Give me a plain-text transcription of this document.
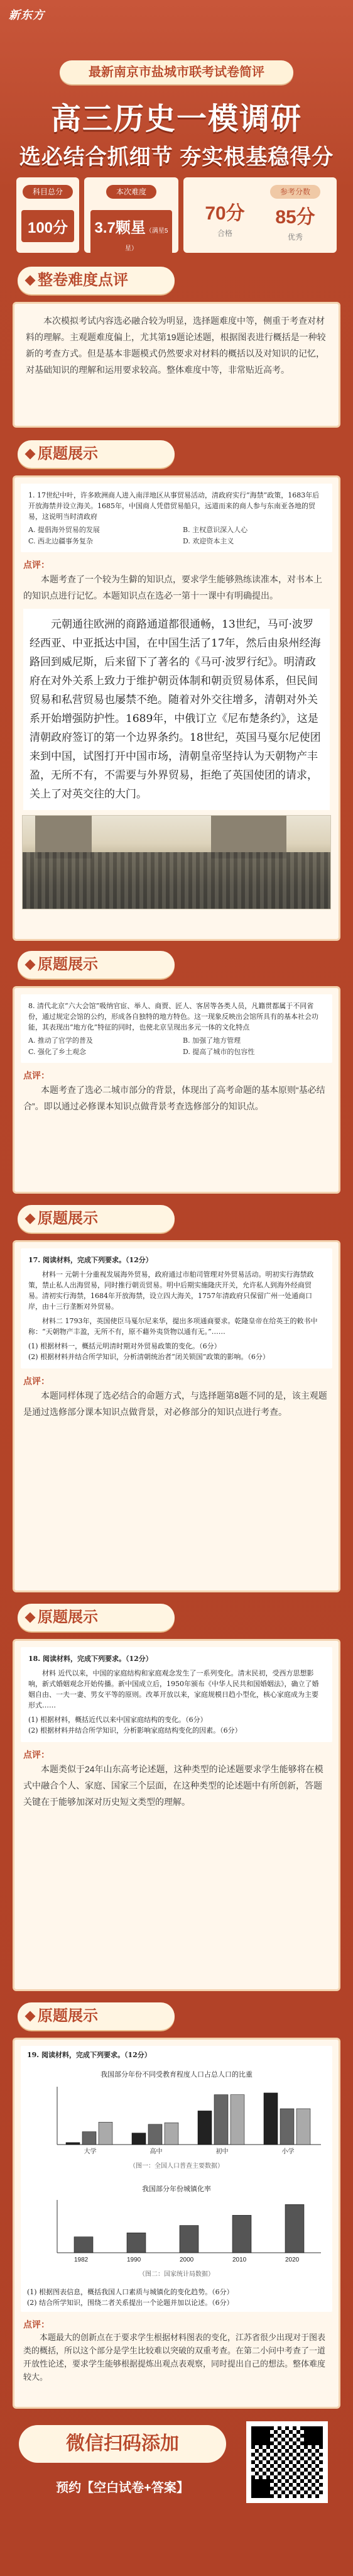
新东方
最新南京市盐城市联考试卷简评
高三历史一模调研
选必结合抓细节 夯实根基稳得分
科目总分
100分
本次难度
3.7颗星（满星5星）
70分
合格
参考分数
85分
优秀
整卷难度点评

本次模拟考试内容选必融合较为明显，选择题难度中等，侧重于考查对材料的理解。主观题难度偏上，尤其第19题论述题，根据图表进行概括是一种较新的考查方式。但是基本非题模式仍然要求对材料的概括以及对知识的记忆，对基础知识的理解和运用要求较高。整体难度中等，非常贴近高考。

原题展示
1. 17世纪中叶，许多欧洲商人进入南洋地区从事贸易活动，清政府实行“海禁”政策，1683年后开放海禁并设立海关。1685年，中国商人凭借贸易船只，远道而来的商人参与东南亚各地的贸易，这说明当时清政府
A. 提倡海外贸易的发展	B. 主权意识深入人心
C. 西北边疆事务复杂	D. 欢迎资本主义
点评：

本题考查了一个较为生僻的知识点，要求学生能够熟练读准本，对书本上的知识点进行记忆。本题知识点在选必一第十一课中有明确提出。

元朝通往欧洲的商路通道都很通畅，13世纪，马可·波罗经西亚、中亚抵达中国，在中国生活了17年，然后由泉州经海路回到威尼斯，后来留下了著名的《马可·波罗行纪》。明清政府在对外关系上致力于维护朝贡体制和朝贡贸易体系，但民间贸易和私营贸易也屡禁不绝。随着对外交往增多，清朝对外关系开始增强防护性。1689年，中俄订立《尼布楚条约》，这是清朝政府签订的第一个边界条约。18世纪，英国马戛尔尼使团来到中国，试图打开中国市场，清朝皇帝坚持认为天朝物产丰盈，无所不有，不需要与外界贸易，拒绝了英国使团的请求，关上了对英交往的大门。
原题展示
8. 清代北京“六大会馆”吸纳官宦、举人、商贾、匠人、客居等各类人员，凡籍贯都属于不同省份，通过规定会馆的公约，形成各自独特的地方特色。这一现象反映出会馆所具有的基本社会功能，其表现出“地方化”特征的同时，也使北京呈现出多元一体的文化特点
A. 推动了官学的普及	B. 加强了地方管理
C. 强化了乡土观念	D. 提高了城市的包容性
点评：

本题考查了选必二城市部分的背景，体现出了高考命题的基本原则“基必结合”。即以通过必修课本知识点做背景考查选修部分的知识点。

原题展示
17. 阅读材料，完成下列要求。（12分）
材料一 元朝十分重视发展海外贸易，政府通过市舶司管理对外贸易活动。明初实行海禁政策，禁止私人出海贸易，同时推行朝贡贸易。明中后期实施隆庆开关，允许私人到海外经商贸易。清初实行海禁，1684年开放海禁，设立四大海关，1757年清政府只保留广州一处通商口岸，由十三行垄断对外贸易。
材料二 1793年，英国使臣马戛尔尼来华，提出多项通商要求。乾隆皇帝在给英王的敕书中称：“天朝物产丰盈，无所不有，原不藉外夷货物以通有无。”……
(1) 根据材料一，概括元明清时期对外贸易政策的变化。（6分）
(2) 根据材料并结合所学知识，分析清朝统治者“闭关锁国”政策的影响。（6分）
点评：

本题同样体现了选必结合的命题方式，与选择题第8题不同的是，该主观题是通过选修部分课本知识点做背景，对必修部分的知识点进行考查。

原题展示
18. 阅读材料，完成下列要求。（12分）
材料 近代以来，中国的家庭结构和家庭观念发生了一系列变化。清末民初，受西方思想影响，新式婚姻观念开始传播。新中国成立后，1950年颁布《中华人民共和国婚姻法》，确立了婚姻自由、一夫一妻、男女平等的原则。改革开放以来，家庭规模日趋小型化，核心家庭成为主要形式……
(1) 根据材料，概括近代以来中国家庭结构的变化。（6分）
(2) 根据材料并结合所学知识，分析影响家庭结构变化的因素。（6分）
点评：

本题类似于24年山东高考论述题，这种类型的论述题要求学生能够将在模式中融合个人、家庭、国家三个层面，在这种类型的论述题中有所创新，答题关键在于能够加深对历史短文类型的理解。

原题展示
19. 阅读材料，完成下列要求。（12分）
我国部分年份不同受教育程度人口占总人口的比重
大学	高中	初中	小学
（图一：全国人口普查主要数据）
我国部分年份城镇化率
1982	1990	2000	2010	2020
（图二：国家统计局数据）
(1) 根据图表信息，概括我国人口素质与城镇化的变化趋势。（6分）
(2) 结合所学知识，围绕二者关系提出一个论题并加以论述。（6分）
点评：

本题最大的创新点在于要求学生根据材料图表的变化，江苏省很少出现对于图表类的概括，所以这个部分是学生比较难以突破的双重考查。在第二小问中考查了一道开放性论述，要求学生能够根据提炼出观点表观察，同时提出自己的想法。整体难度较大。

微信扫码添加
预约【空白试卷+答案】
